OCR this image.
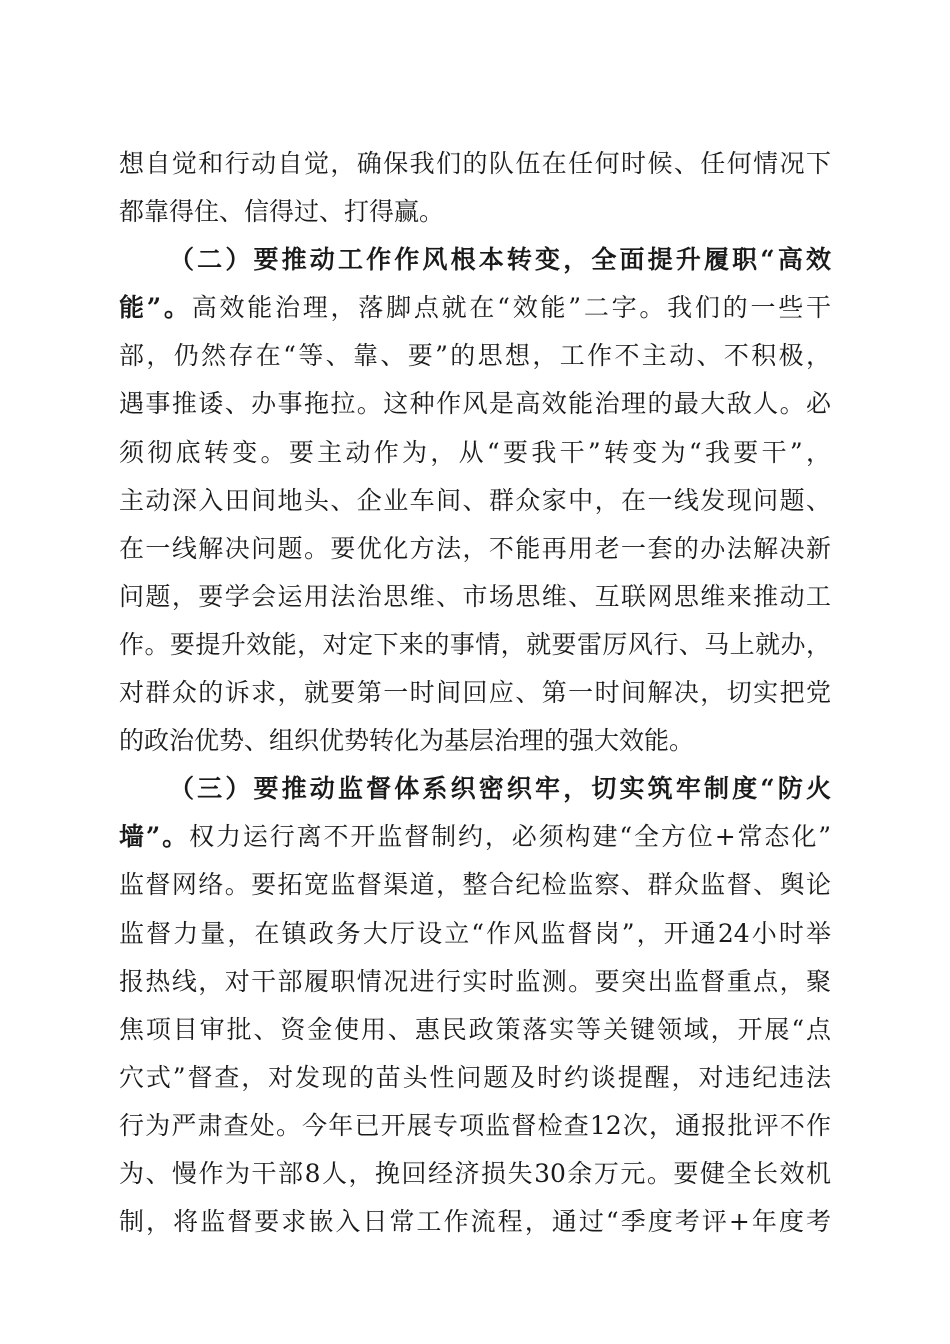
想自觉和行动自觉，确保我们的队伍在任何时候、任何情况下
都靠得住、信得过、打得赢。
（二）要推动工作作风根本转变，全面提升履职“高效
能”。高效能治理，落脚点就在“效能”二字。我们的一些干
部，仍然存在“等、靠、要”的思想，工作不主动、不积极，
遇事推诿、办事拖拉。这种作风是高效能治理的最大敌人。必
须彻底转变。要主动作为，从“要我干”转变为“我要干”，
主动深入田间地头、企业车间、群众家中，在一线发现问题、
在一线解决问题。要优化方法，不能再用老一套的办法解决新
问题，要学会运用法治思维、市场思维、互联网思维来推动工
作。要提升效能，对定下来的事情，就要雷厉风行、马上就办，
对群众的诉求，就要第一时间回应、第一时间解决，切实把党
的政治优势、组织优势转化为基层治理的强大效能。
（三）要推动监督体系织密织牢，切实筑牢制度“防火
墙”。权力运行离不开监督制约，必须构建“全方位+常态化”
监督网络。要拓宽监督渠道，整合纪检监察、群众监督、舆论
监督力量，在镇政务大厅设立“作风监督岗”，开通24小时举
报热线，对干部履职情况进行实时监测。要突出监督重点，聚
焦项目审批、资金使用、惠民政策落实等关键领域，开展“点
穴式”督查，对发现的苗头性问题及时约谈提醒，对违纪违法
行为严肃查处。今年已开展专项监督检查12次，通报批评不作
为、慢作为干部8人，挽回经济损失30余万元。要健全长效机
制，将监督要求嵌入日常工作流程，通过“季度考评+年度考
